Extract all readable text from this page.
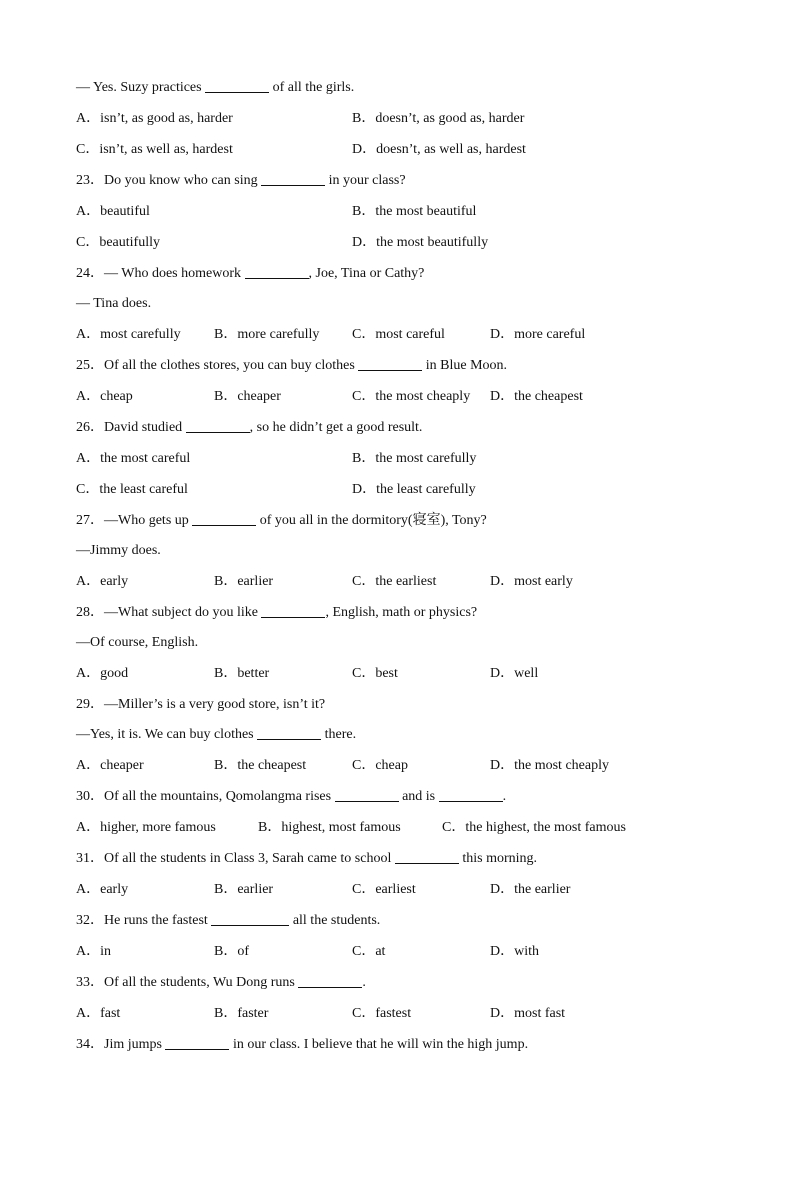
— Yes. Suzy practices	of all the girls.

A．isn’t, as good as, harder

	B．doesn’t, as good as, harder

C．isn’t, as well as, hardest

	D．doesn’t, as well as, hardest

23．Do you know who can sing	in your class?

A．beautiful

	B．the most beautiful

C．beautifully

	D．the most beautifully

24．— Who does homework	, Joe, Tina or Cathy?
— Tina does.

A．most carefully

B．more carefully

C．most careful

	D．more careful

25．Of all the clothes stores, you can buy clothes	in Blue Moon.

A．cheap

	B．cheaper

	C．the most cheaply

D．the cheapest

26．David studied	, so he didn’t get a good result.

A．the most careful

	B．the most carefully

C．the least careful

	D．the least carefully

27．—Who gets up	of you all in the dormitory(寝室), Tony?
—Jimmy does.

A．early

	B．earlier

	C．the earliest

	D．most early

28．—What subject do you like	, English, math or physics?
—Of course, English.

A．good

	B．better

	C．best

	D．well

29．—Miller’s is a very good store, isn’t it?
—Yes, it is. We can buy clothes	there.

A．cheaper

	B．the cheapest

	C．cheap

	D．the most cheaply

30．Of all the mountains, Qomolangma rises	and is	.

A．higher, more famous

	B．highest, most famous

	C．the highest, the most famous

31．Of all the students in Class 3, Sarah came to school	this morning.

A．early

	B．earlier

	C．earliest

	D．the earlier

32．He runs the fastest	all the students.

A．in

	B．of

	C．at

	D．with

33．Of all the students, Wu Dong runs	.

A．fast

	B．faster

	C．fastest

	D．most fast

34．Jim jumps	in our class. I believe that he will win the high jump.
